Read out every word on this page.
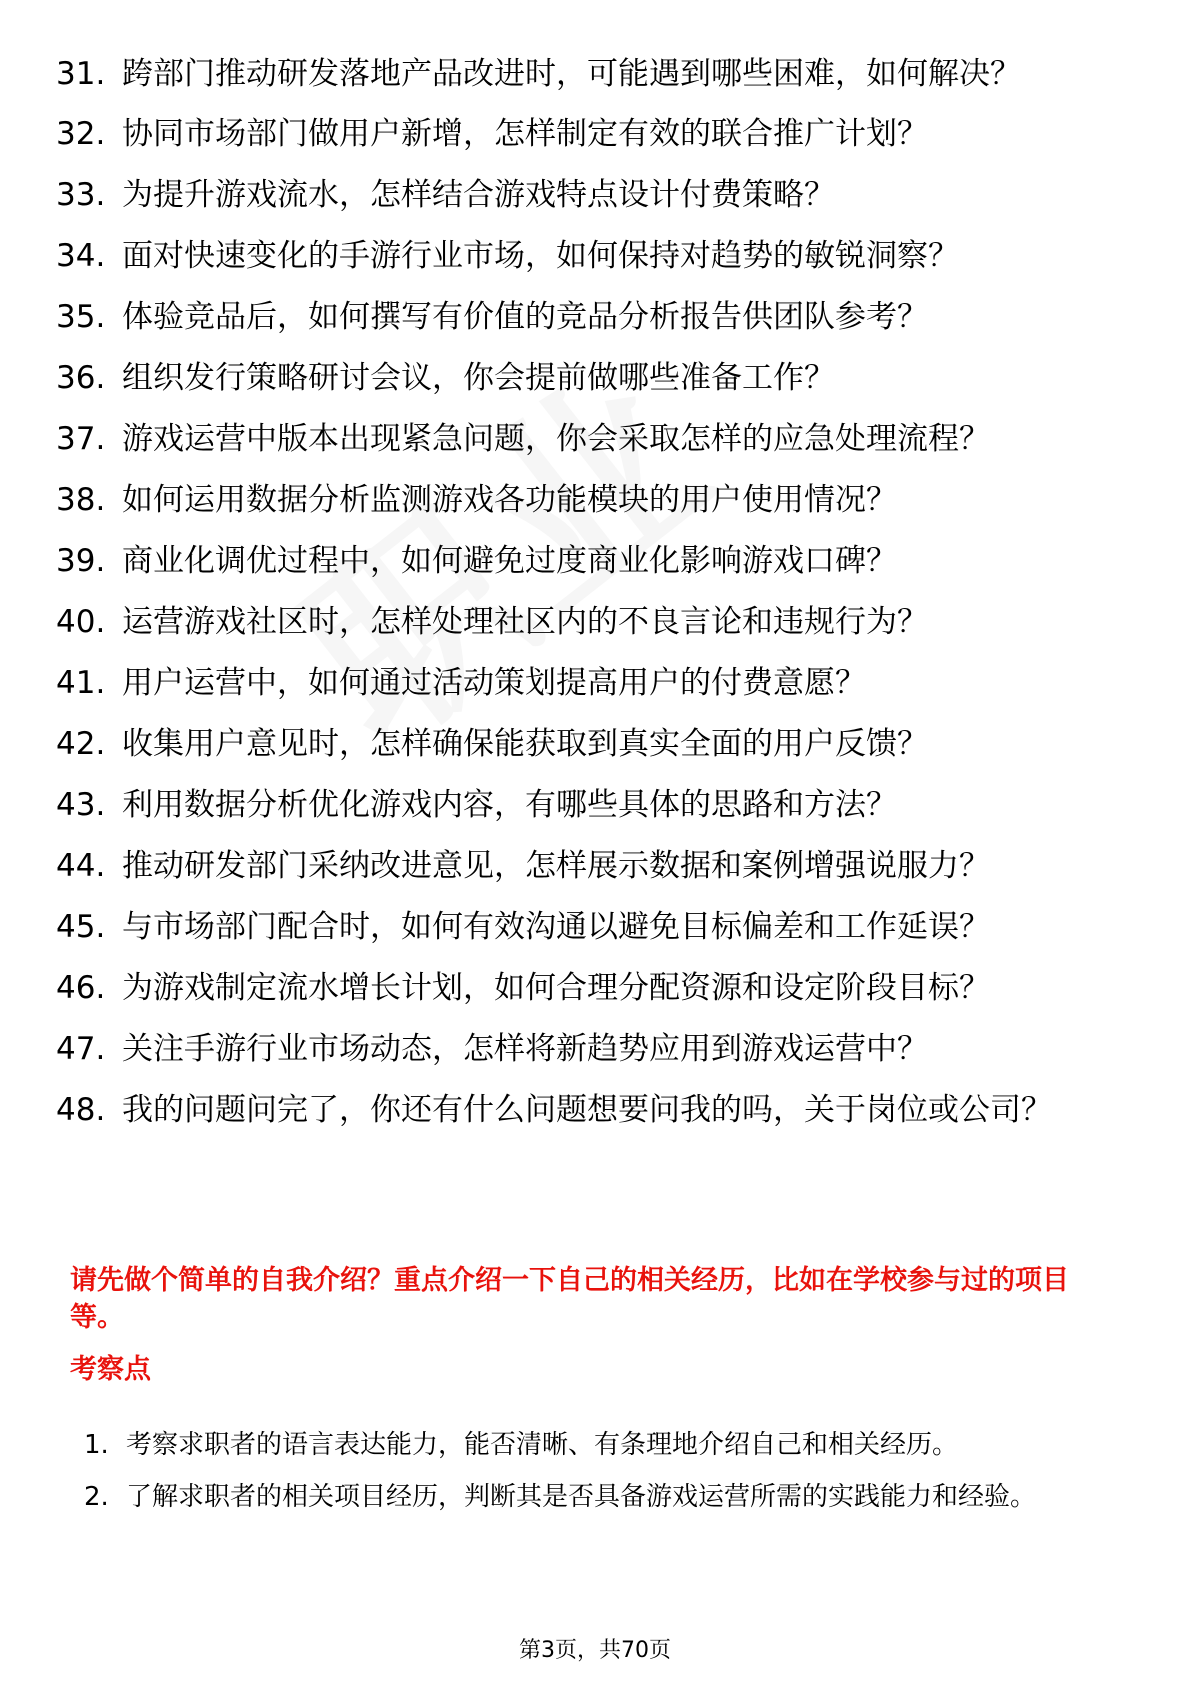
31. 跨部门推动研发落地产品改进时，可能遇到哪些困难，如何解决？
32. 协同市场部门做用户新增，怎样制定有效的联合推广计划？
33. 为提升游戏流水，怎样结合游戏特点设计付费策略？
34. 面对快速变化的手游行业市场，如何保持对趋势的敏锐洞察？
35. 体验竞品后，如何撰写有价值的竞品分析报告供团队参考？
36. 组织发行策略研讨会议，你会提前做哪些准备工作？
37. 游戏运营中版本出现紧急问题，你会采取怎样的应急处理流程？
38. 如何运用数据分析监测游戏各功能模块的用户使用情况？
39. 商业化调优过程中，如何避免过度商业化影响游戏口碑？
40. 运营游戏社区时，怎样处理社区内的不良言论和违规行为？
41. 用户运营中，如何通过活动策划提高用户的付费意愿？
42. 收集用户意见时，怎样确保能获取到真实全面的用户反馈？
43. 利用数据分析优化游戏内容，有哪些具体的思路和方法？
44. 推动研发部门采纳改进意见，怎样展示数据和案例增强说服力？
45. 与市场部门配合时，如何有效沟通以避免目标偏差和工作延误？
46. 为游戏制定流水增长计划，如何合理分配资源和设定阶段目标？
47. 关注手游行业市场动态，怎样将新趋势应用到游戏运营中？
48. 我的问题问完了，你还有什么问题想要问我的吗，关于岗位或公司？
请先做个简单的自我介绍？重点介绍一下自己的相关经历，比如在学校参与过的项目等。
考察点
1. 考察求职者的语言表达能力，能否清晰、有条理地介绍自己和相关经历。
2. 了解求职者的相关项目经历，判断其是否具备游戏运营所需的实践能力和经验。
第3页，共70页
